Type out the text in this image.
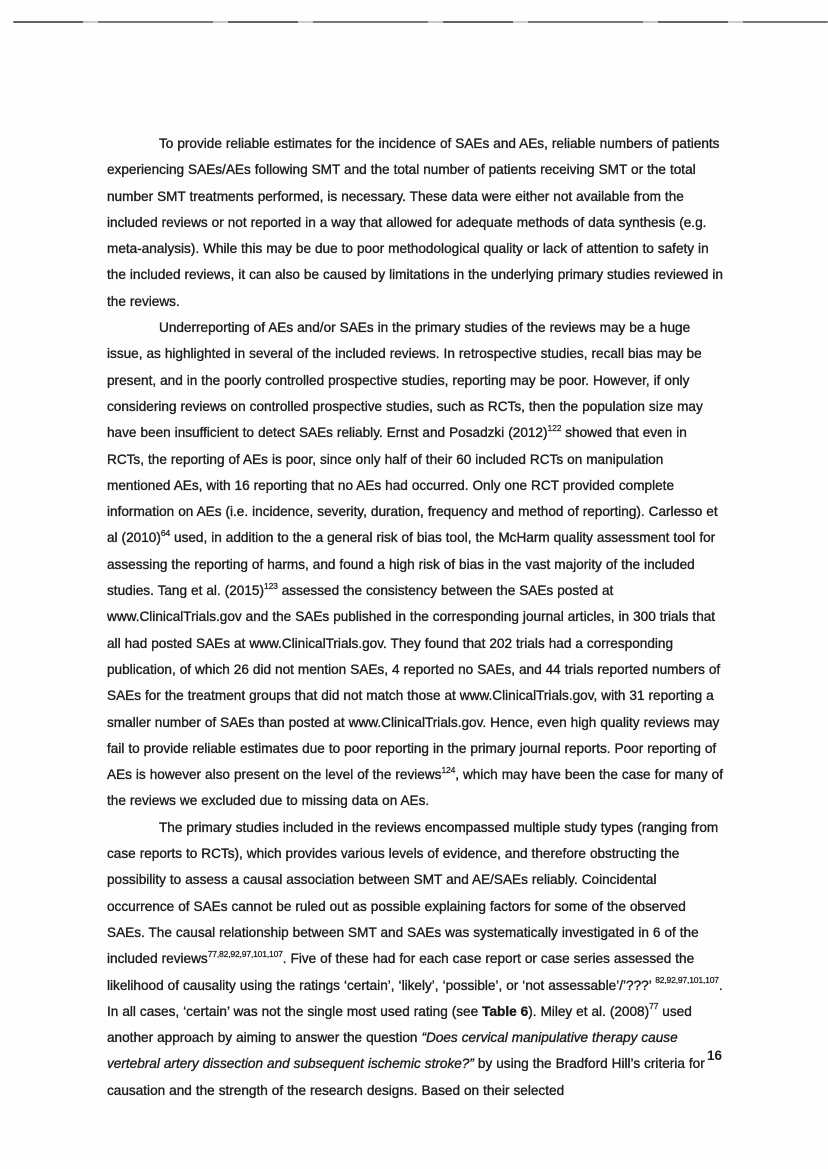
To provide reliable estimates for the incidence of SAEs and AEs, reliable numbers of patients experiencing SAEs/AEs following SMT and the total number of patients receiving SMT or the total number SMT treatments performed, is necessary. These data were either not available from the included reviews or not reported in a way that allowed for adequate methods of data synthesis (e.g. meta-analysis). While this may be due to poor methodological quality or lack of attention to safety in the included reviews, it can also be caused by limitations in the underlying primary studies reviewed in the reviews.

Underreporting of AEs and/or SAEs in the primary studies of the reviews may be a huge issue, as highlighted in several of the included reviews. In retrospective studies, recall bias may be present, and in the poorly controlled prospective studies, reporting may be poor. However, if only considering reviews on controlled prospective studies, such as RCTs, then the population size may have been insufficient to detect SAEs reliably. Ernst and Posadzki $(2012)^{122}$ showed that even in RCTs, the reporting of AEs is poor, since only half of their 60 included RCTs on manipulation mentioned AEs, with 16 reporting that no AEs had occurred. Only one RCT provided complete information on AEs (i.e. incidence, severity, duration, frequency and method of reporting). Carlesso et al $(2010)^{64}$ used, in addition to the a general risk of bias tool, the McHarm quality assessment tool for assessing the reporting of harms, and found a high risk of bias in the vast majority of the included studies. Tang et al. $(2015)^{123}$ assessed the consistency between the SAEs posted at www.ClinicalTrials.gov and the SAEs published in the corresponding journal articles, in 300 trials that all had posted SAEs at www.ClinicalTrials.gov. They found that 202 trials had a corresponding publication, of which 26 did not mention SAEs, 4 reported no SAEs, and 44 trials reported numbers of SAEs for the treatment groups that did not match those at www.ClinicalTrials.gov, with 31 reporting a smaller number of SAEs than posted at www.ClinicalTrials.gov. Hence, even high quality reviews may fail to provide reliable estimates due to poor reporting in the primary journal reports. Poor reporting of AEs is however also present on the level of the reviews$^{124}$, which may have been the case for many of the reviews we excluded due to missing data on AEs.

The primary studies included in the reviews encompassed multiple study types (ranging from case reports to RCTs), which provides various levels of evidence, and therefore obstructing the possibility to assess a causal association between SMT and AE/SAEs reliably. Coincidental occurrence of SAEs cannot be ruled out as possible explaining factors for some of the observed SAEs. The causal relationship between SMT and SAEs was systematically investigated in 6 of the included reviews$^{77,82,92,97,101,107}$. Five of these had for each case report or case series assessed the likelihood of causality using the ratings ‘certain’, ‘likely’, ‘possible’, or ‘not assessable’/’???’ $^{82,92,97,101,107}$. In all cases, ‘certain’ was not the single most used rating (see Table 6). Miley et al. $(2008)^{77}$ used another approach by aiming to answer the question “Does cervical manipulative therapy cause vertebral artery dissection and subsequent ischemic stroke?” by using the Bradford Hill’s criteria for causation and the strength of the research designs. Based on their selected

16
